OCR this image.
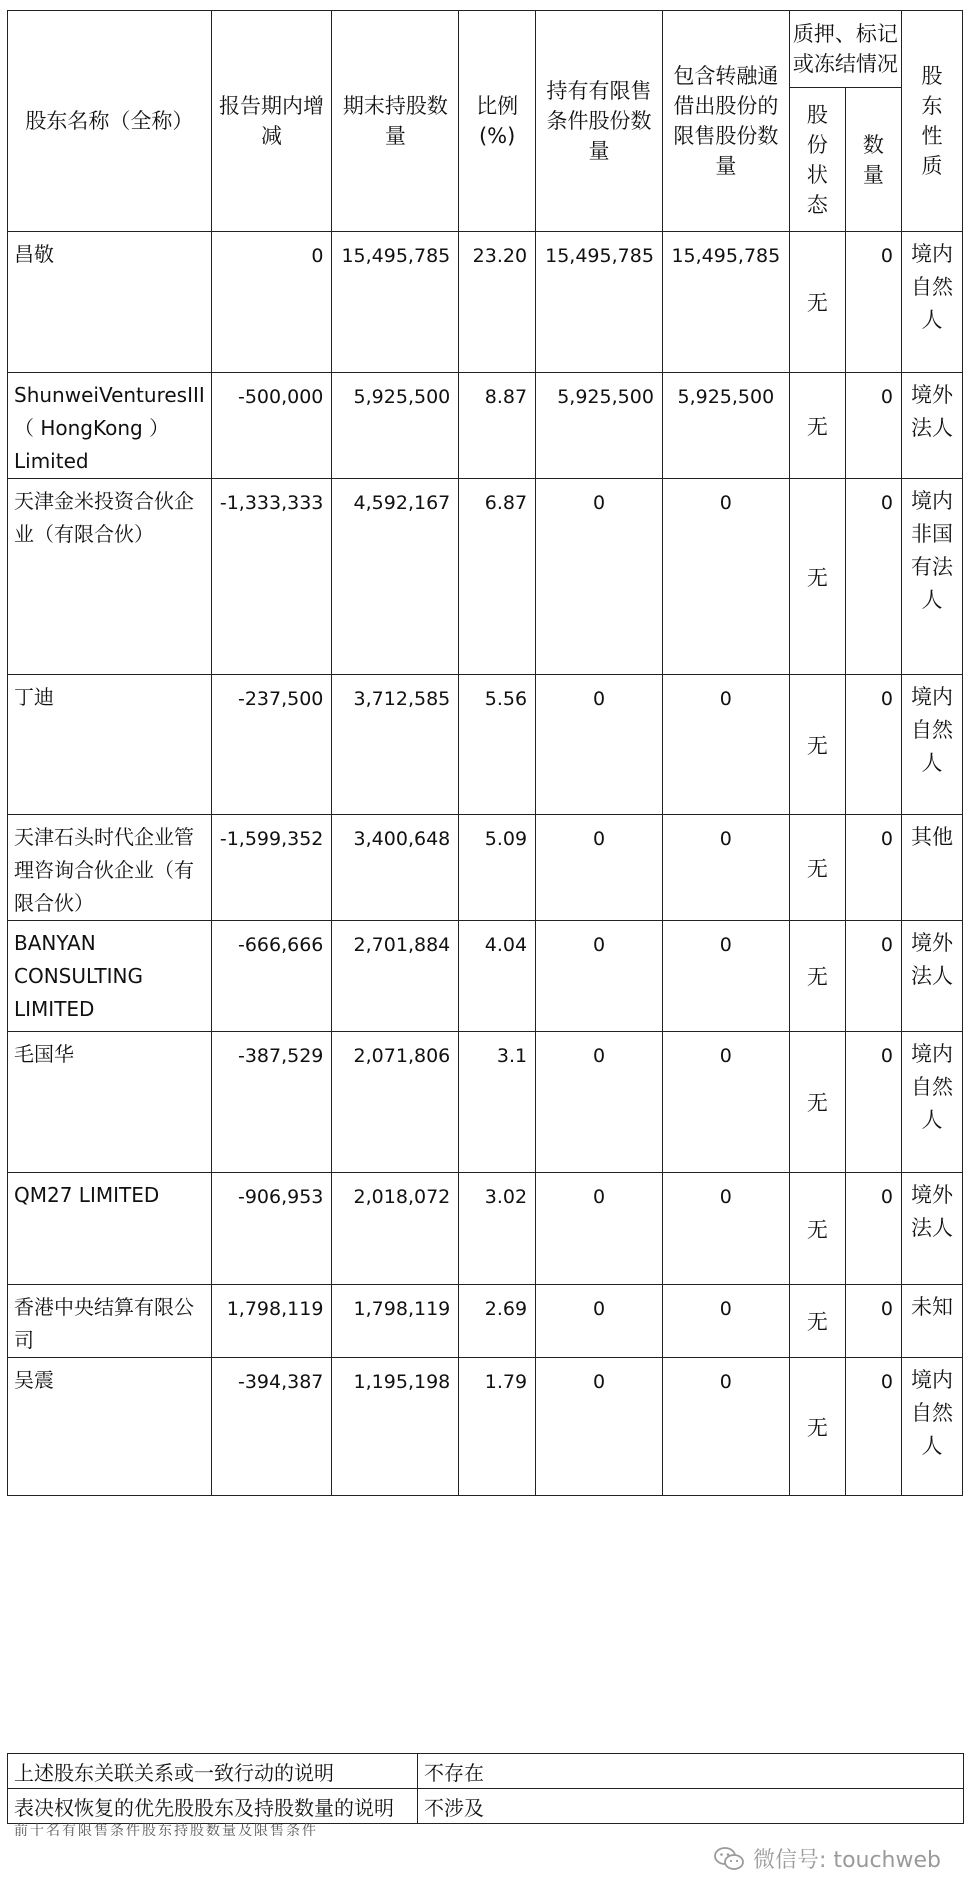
股东名称（全称）	报告期内增减	期末持股数量	比例(%)	持有有限售条件股份数量	包含转融通借出股份的限售股份数量	质押、标记或冻结情况		股东性质
						股份状态	数量	
昌敬	0	15,495,785	23.20	15,495,785	15,495,785	无	0	境内自然人
ShunweiVenturesIII（ HongKong ）Limited	-500,000	5,925,500	8.87	5,925,500	5,925,500	无	0	境外法人
天津金米投资合伙企业（有限合伙）	-1,333,333	4,592,167	6.87	0	0	无	0	境内非国有法人
丁迪	-237,500	3,712,585	5.56	0	0	无	0	境内自然人
天津石头时代企业管理咨询合伙企业（有限合伙）	-1,599,352	3,400,648	5.09	0	0	无	0	其他
BANYAN CONSULTING LIMITED	-666,666	2,701,884	4.04	0	0	无	0	境外法人
毛国华	-387,529	2,071,806	3.1	0	0	无	0	境内自然人
QM27 LIMITED	-906,953	2,018,072	3.02	0	0	无	0	境外法人
香港中央结算有限公司	1,798,119	1,798,119	2.69	0	0	无	0	未知
吴震	-394,387	1,195,198	1.79	0	0	无	0	境内自然人
上述股东关联关系或一致行动的说明	不存在
表决权恢复的优先股股东及持股数量的说明	不涉及
前十名有限售条件股东持股数量及限售条件
微信号: touchweb
